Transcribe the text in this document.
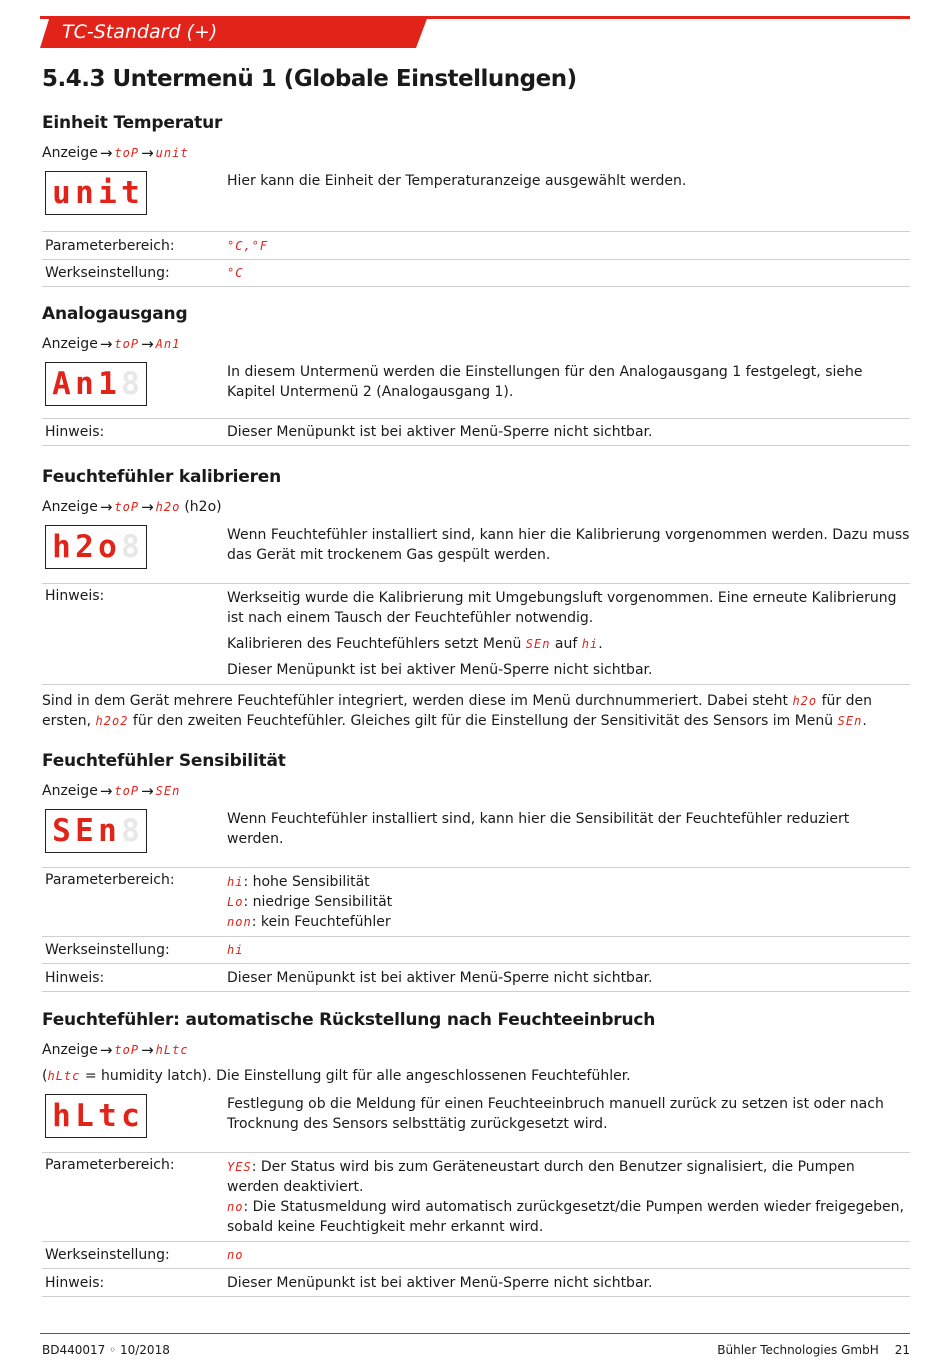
TC-Standard (+)
5.4.3 Untermenü 1 (Globale Einstellungen)
Einheit Temperatur
Anzeige → toP → unit
u n i t	Hier kann die Einheit der Temperaturanzeige ausgewählt werden.
Parameterbereich:	°C,°F
Werkseinstellung:	°C
Analogausgang
Anzeige → toP → An1
A n 1 8	In diesem Untermenü werden die Einstellungen für den Analogausgang 1 festgelegt, siehe Kapitel Untermenü 2 (Analogausgang 1).
Hinweis:	Dieser Menüpunkt ist bei aktiver Menü-Sperre nicht sichtbar.
Feuchtefühler kalibrieren
Anzeige → toP → h2o (h2o)
h 2 o 8	Wenn Feuchtefühler installiert sind, kann hier die Kalibrierung vorgenommen werden. Dazu muss das Gerät mit trockenem Gas gespült werden.
Hinweis:	Werkseitig wurde die Kalibrierung mit Umgebungsluft vorgenommen. Eine erneute Kalibrierung ist nach einem Tausch der Feuchtefühler notwendig.

Kalibrieren des Feuchtefühlers setzt Menü SEn auf hi.

Dieser Menüpunkt ist bei aktiver Menü-Sperre nicht sichtbar.

Sind in dem Gerät mehrere Feuchtefühler integriert, werden diese im Menü durchnummeriert. Dabei steht h2o für den ersten, h2o2 für den zweiten Feuchtefühler. Gleiches gilt für die Einstellung der Sensitivität des Sensors im Menü SEn.

Feuchtefühler Sensibilität
Anzeige → toP → SEn
S E n 8	Wenn Feuchtefühler installiert sind, kann hier die Sensibilität der Feuchtefühler reduziert werden.
Parameterbereich:	hi: hohe Sensibilität
Lo: niedrige Sensibilität
non: kein Feuchtefühler
Werkseinstellung:	hi
Hinweis:	Dieser Menüpunkt ist bei aktiver Menü-Sperre nicht sichtbar.
Feuchtefühler: automatische Rückstellung nach Feuchteeinbruch
Anzeige → toP → hLtc

(hLtc = humidity latch). Die Einstellung gilt für alle angeschlossenen Feuchtefühler.

h L t c	Festlegung ob die Meldung für einen Feuchteeinbruch manuell zurück zu setzen ist oder nach Trocknung des Sensors selbsttätig zurückgesetzt wird.
Parameterbereich:	YES: Der Status wird bis zum Geräteneustart durch den Benutzer signalisiert, die Pumpen werden deaktiviert.
no: Die Statusmeldung wird automatisch zurückgesetzt/die Pumpen werden wieder freigegeben, sobald keine Feuchtigkeit mehr erkannt wird.
Werkseinstellung:	no
Hinweis:	Dieser Menüpunkt ist bei aktiver Menü-Sperre nicht sichtbar.
BD440017 ◦ 10/2018	Bühler Technologies GmbH 21
